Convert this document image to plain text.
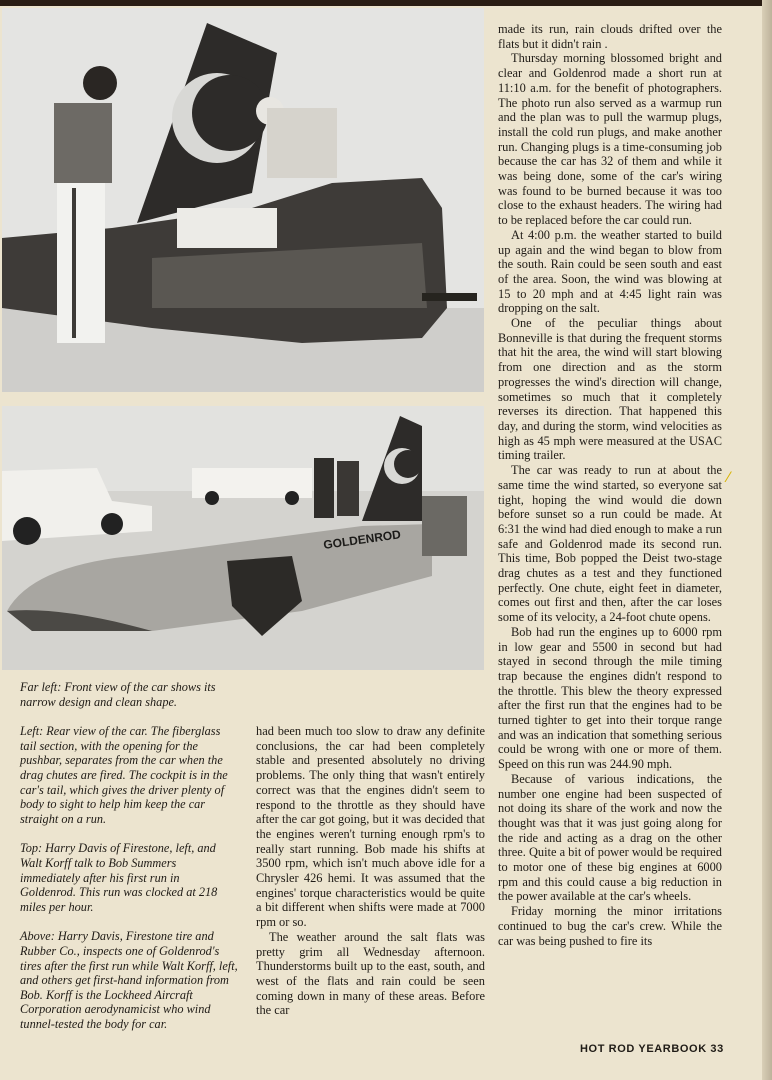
GOLDENROD

Far left: Front view of the car shows its narrow design and clean shape.

Left: Rear view of the car. The fiberglass tail section, with the opening for the pushbar, separates from the car when the drag chutes are fired. The cockpit is in the car's tail, which gives the driver plenty of body to sight to help him keep the car straight on a run.

Top: Harry Davis of Firestone, left, and Walt Korff talk to Bob Summers immediately after his first run in Goldenrod. This run was clocked at 218 miles per hour.

Above: Harry Davis, Firestone tire and Rubber Co., inspects one of Goldenrod's tires after the first run while Walt Korff, left, and others get first-hand information from Bob. Korff is the Lockheed Aircraft Corporation aerodynamicist who wind tunnel-tested the body for car.

had been much too slow to draw any definite conclusions, the car had been completely stable and presented absolutely no driving problems. The only thing that wasn't entirely correct was that the engines didn't seem to respond to the throttle as they should have after the car got going, but it was decided that the engines weren't turning enough rpm's to really start running. Bob made his shifts at 3500 rpm, which isn't much above idle for a Chrysler 426 hemi. It was assumed that the engines' torque characteristics would be quite a bit different when shifts were made at 7000 rpm or so.

The weather around the salt flats was pretty grim all Wednesday afternoon. Thunderstorms built up to the east, south, and west of the flats and rain could be seen coming down in many of these areas. Before the car

made its run, rain clouds drifted over the flats but it didn't rain .

Thursday morning blossomed bright and clear and Goldenrod made a short run at 11:10 a.m. for the benefit of photographers. The photo run also served as a warmup run and the plan was to pull the warmup plugs, install the cold run plugs, and make another run. Changing plugs is a time-consuming job because the car has 32 of them and while it was being done, some of the car's wiring was found to be burned because it was too close to the exhaust headers. The wiring had to be replaced before the car could run.

At 4:00 p.m. the weather started to build up again and the wind began to blow from the south. Rain could be seen south and east of the area. Soon, the wind was blowing at 15 to 20 mph and at 4:45 light rain was dropping on the salt.

One of the peculiar things about Bonneville is that during the frequent storms that hit the area, the wind will start blowing from one direction and as the storm progresses the wind's direction will change, sometimes so much that it completely reverses its direction. That happened this day, and during the storm, wind velocities as high as 45 mph were measured at the USAC timing trailer.

The car was ready to run at about the same time the wind started, so everyone sat tight, hoping the wind would die down before sunset so a run could be made. At 6:31 the wind had died enough to make a run safe and Goldenrod made its second run. This time, Bob popped the Deist two-stage drag chutes as a test and they functioned perfectly. One chute, eight feet in diameter, comes out first and then, after the car loses some of its velocity, a 24-foot chute opens.

Bob had run the engines up to 6000 rpm in low gear and 5500 in second but had stayed in second through the mile timing trap because the engines didn't respond to the throttle. This blew the theory expressed after the first run that the engines had to be turned tighter to get into their torque range and was an indication that something serious could be wrong with one or more of them. Speed on this run was 244.90 mph.

Because of various indications, the number one engine had been suspected of not doing its share of the work and now the thought was that it was just going along for the ride and acting as a drag on the other three. Quite a bit of power would be required to motor one of these big engines at 6000 rpm and this could cause a big reduction in the power available at the car's wheels.

Friday morning the minor irritations continued to bug the car's crew. While the car was being pushed to fire its

⁄
HOT ROD YEARBOOK 33
